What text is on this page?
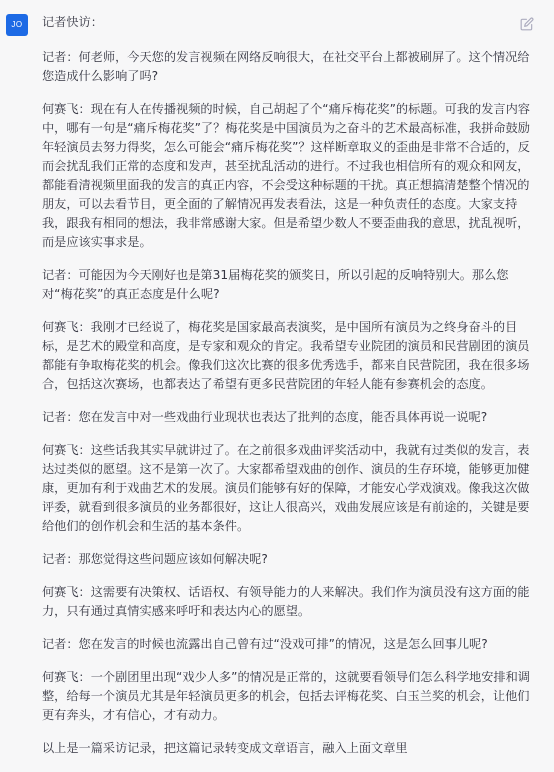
JO	记者快访：

记者：何老师，今天您的发言视频在网络反响很大，在社交平台上都被刷屏了。这个情况给您造成什么影响了吗?

何赛飞：现在有人在传播视频的时候，自己胡起了个“痛斥梅花奖”的标题。可我的发言内容中，哪有一句是“痛斥梅花奖”了？梅花奖是中国演员为之奋斗的艺术最高标准，我拼命鼓励年轻演员去努力得奖，怎么可能会“痛斥梅花奖”？这样断章取义的歪曲是非常不合适的，反而会扰乱我们正常的态度和发声，甚至扰乱活动的进行。不过我也相信所有的观众和网友，都能看清视频里面我的发言的真正内容，不会受这种标题的干扰。真正想搞清楚整个情况的朋友，可以去看节目，更全面的了解情况再发表看法，这是一种负责任的态度。大家支持我，跟我有相同的想法，我非常感谢大家。但是希望少数人不要歪曲我的意思，扰乱视听，而是应该实事求是。

记者：可能因为今天刚好也是第31届梅花奖的颁奖日，所以引起的反响特别大。那么您对“梅花奖”的真正态度是什么呢?

何赛飞：我刚才已经说了，梅花奖是国家最高表演奖，是中国所有演员为之终身奋斗的目标，是艺术的殿堂和高度，是专家和观众的肯定。我希望专业院团的演员和民营剧团的演员都能有争取梅花奖的机会。像我们这次比赛的很多优秀选手，都来自民营院团，我在很多场合，包括这次赛场，也都表达了希望有更多民营院团的年轻人能有参赛机会的态度。

记者：您在发言中对一些戏曲行业现状也表达了批判的态度，能否具体再说一说呢?

何赛飞：这些话我其实早就讲过了。在之前很多戏曲评奖活动中，我就有过类似的发言，表达过类似的愿望。这不是第一次了。大家都希望戏曲的创作、演员的生存环境，能够更加健康，更加有利于戏曲艺术的发展。演员们能够有好的保障，才能安心学戏演戏。像我这次做评委，就看到很多演员的业务都很好，这让人很高兴，戏曲发展应该是有前途的，关键是要给他们的创作机会和生活的基本条件。

记者：那您觉得这些问题应该如何解决呢?

何赛飞：这需要有决策权、话语权、有领导能力的人来解决。我们作为演员没有这方面的能力，只有通过真情实感来呼吁和表达内心的愿望。

记者：您在发言的时候也流露出自己曾有过“没戏可排”的情况，这是怎么回事儿呢?

何赛飞：一个剧团里出现“戏少人多”的情况是正常的，这就要看领导们怎么科学地安排和调整，给每一个演员尤其是年轻演员更多的机会，包括去评梅花奖、白玉兰奖的机会，让他们更有奔头，才有信心，才有动力。

以上是一篇采访记录，把这篇记录转变成文章语言，融入上面文章里
